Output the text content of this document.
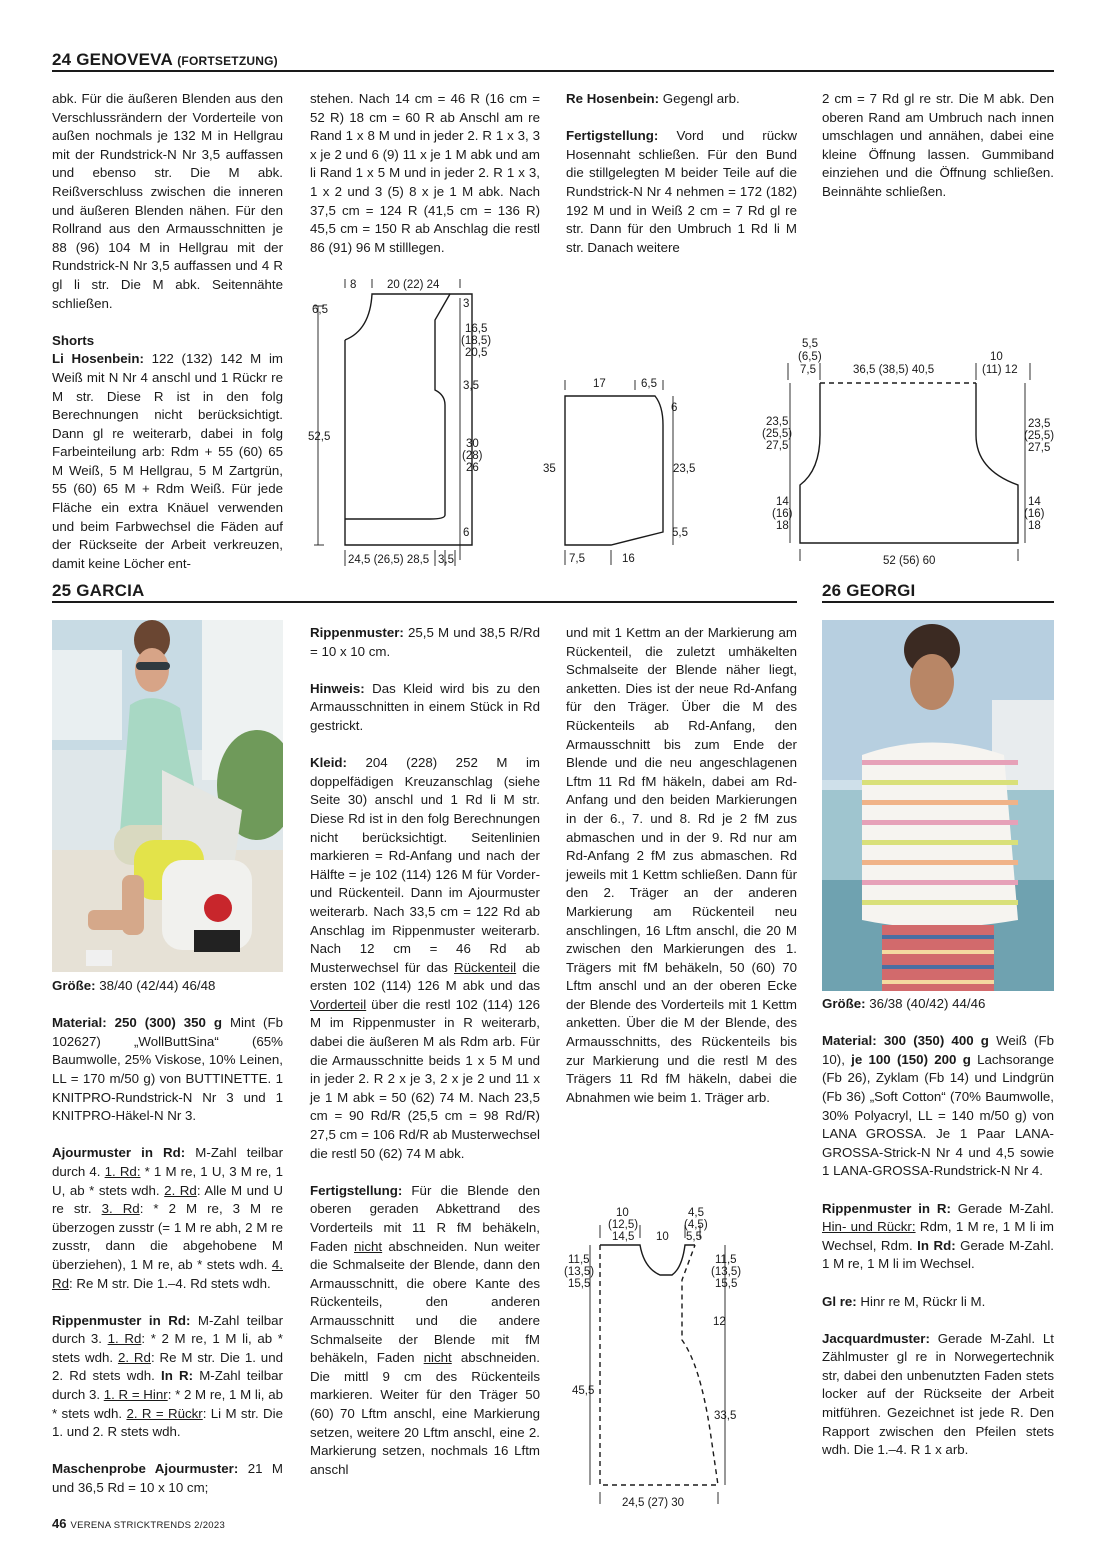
24 GENOVEVA (FORTSETZUNG)

abk. Für die äußeren Blenden aus den Verschlussrändern der Vorderteile von außen nochmals je 132 M in Hellgrau mit der Rundstrick-N Nr 3,5 auffassen und ebenso str. Die M abk. Reißverschluss zwischen die inneren und äußeren Blenden nähen. Für den Rollrand aus den Armausschnitten je 88 (96) 104 M in Hellgrau mit der Rundstrick-N Nr 3,5 auffassen und 4 R gl li str. Die M abk. Seitennähte schließen.

Shorts

Li Hosenbein: 122 (132) 142 M im Weiß mit N Nr 4 anschl und 1 Rückr re M str. Diese R ist in den folg Berechnungen nicht berücksichtigt. Dann gl re weiterarb, dabei in folg Farbeinteilung arb: Rdm + 55 (60) 65 M Weiß, 5 M Hellgrau, 5 M Zartgrün, 55 (60) 65 M + Rdm Weiß. Für jede Fläche ein extra Knäuel verwenden und beim Farbwechsel die Fäden auf der Rückseite der Arbeit verkreuzen, damit keine Löcher ent-

stehen. Nach 14 cm = 46 R (16 cm = 52 R) 18 cm = 60 R ab Anschl am re Rand 1 x 8 M und in jeder 2. R 1 x 3, 3 x je 2 und 6 (9) 11 x je 1 M abk und am li Rand 1 x 5 M und in jeder 2. R 1 x 3, 1 x 2 und 3 (5) 8 x je 1 M abk. Nach 37,5 cm = 124 R (41,5 cm = 136 R) 45,5 cm = 150 R ab Anschlag die restl 86 (91) 96 M stilllegen.

Re Hosenbein: Gegengl arb.

Fertigstellung: Vord und rückw Hosennaht schließen. Für den Bund die stillgelegten M beider Teile auf die Rundstrick-N Nr 4 nehmen = 172 (182) 192 M und in Weiß 2 cm = 7 Rd gl re str. Dann für den Umbruch 1 Rd li M str. Danach weitere

2 cm = 7 Rd gl re str. Die M abk. Den oberen Rand am Umbruch nach innen umschlagen und annähen, dabei eine kleine Öffnung lassen. Gummiband einziehen und die Öffnung schließen. Beinnähte schließen.

8	20 (22) 24
3
6,5
16,5
(18,5)
20,5
3,5
52,5
30
(28)
26
6
24,5 (26,5) 28,5 3,5
17	6,5
6
35	23,5
5,5
7,5	16
5,5
(6,5)
7,5	36,5 (38,5) 40,5
10
(11) 12
23,5
(25,5)
27,5
23,5
(25,5)
27,5
14
(16)
18
14
(16)
18
52 (56) 60
25 GARCIA	26 GEORGI

Größe: 38/40 (42/44) 46/48

Material: 250 (300) 350 g Mint (Fb 102627) „WollButtSina“ (65% Baumwolle, 25% Viskose, 10% Leinen, LL = 170 m/50 g) von BUTTINETTE. 1 KNITPRO-Rundstrick-N Nr 3 und 1 KNITPRO-Häkel-N Nr 3.

Ajourmuster in Rd: M-Zahl teilbar durch 4. 1. Rd: * 1 M re, 1 U, 3 M re, 1 U, ab * stets wdh. 2. Rd: Alle M und U re str. 3. Rd: * 2 M re, 3 M re überzogen zusstr (= 1 M re abh, 2 M re zusstr, dann die abgehobene M überziehen), 1 M re, ab * stets wdh. 4. Rd: Re M str. Die 1.–4. Rd stets wdh.

Rippenmuster in Rd: M-Zahl teilbar durch 3. 1. Rd: * 2 M re, 1 M li, ab * stets wdh. 2. Rd: Re M str. Die 1. und 2. Rd stets wdh. In R: M-Zahl teilbar durch 3. 1. R = Hinr: * 2 M re, 1 M li, ab * stets wdh. 2. R = Rückr: Li M str. Die 1. und 2. R stets wdh.

Maschenprobe Ajourmuster: 21 M und 36,5 Rd = 10 x 10 cm;

Rippenmuster: 25,5 M und 38,5 R/Rd = 10 x 10 cm.

Hinweis: Das Kleid wird bis zu den Armausschnitten in einem Stück in Rd gestrickt.

Kleid: 204 (228) 252 M im doppelfädigen Kreuzanschlag (siehe Seite 30) anschl und 1 Rd li M str. Diese Rd ist in den folg Berechnungen nicht berücksichtigt. Seitenlinien markieren = Rd-Anfang und nach der Hälfte = je 102 (114) 126 M für Vorder- und Rückenteil. Dann im Ajourmuster weiterarb. Nach 33,5 cm = 122 Rd ab Anschlag im Rippenmuster weiterarb. Nach 12 cm = 46 Rd ab Musterwechsel für das Rückenteil die ersten 102 (114) 126 M abk und das Vorderteil über die restl 102 (114) 126 M im Rippenmuster in R weiterarb, dabei die äußeren M als Rdm arb. Für die Armausschnitte beids 1 x 5 M und in jeder 2. R 2 x je 3, 2 x je 2 und 11 x je 1 M abk = 50 (62) 74 M. Nach 23,5 cm = 90 Rd/R (25,5 cm = 98 Rd/R) 27,5 cm = 106 Rd/R ab Musterwechsel die restl 50 (62) 74 M abk.

Fertigstellung: Für die Blende den oberen geraden Abkettrand des Vorderteils mit 11 R fM behäkeln, Faden nicht abschneiden. Nun weiter die Schmalseite der Blende, dann den Armausschnitt, die obere Kante des Rückenteils, den anderen Armausschnitt und die andere Schmalseite der Blende mit fM behäkeln, Faden nicht abschneiden. Die mittl 9 cm des Rückenteils markieren. Weiter für den Träger 50 (60) 70 Lftm anschl, eine Markierung setzen, weitere 20 Lftm anschl, eine 2. Markierung setzen, nochmals 16 Lftm anschl

und mit 1 Kettm an der Markierung am Rückenteil, die zuletzt umhäkelten Schmalseite der Blende näher liegt, anketten. Dies ist der neue Rd-Anfang für den Träger. Über die M des Rückenteils ab Rd-Anfang, den Armausschnitt bis zum Ende der Blende und die neu angeschlagenen Lftm 11 Rd fM häkeln, dabei am Rd-Anfang und den beiden Markierungen in der 6., 7. und 8. Rd je 2 fM zus abmaschen und in der 9. Rd nur am Rd-Anfang 2 fM zus abmaschen. Rd jeweils mit 1 Kettm schließen. Dann für den 2. Träger an der anderen Markierung am Rückenteil neu anschlingen, 16 Lftm anschl, die 20 M zwischen den Markierungen des 1. Trägers mit fM behäkeln, 50 (60) 70 Lftm anschl und an der oberen Ecke der Blende des Vorderteils mit 1 Kettm anketten. Über die M der Blende, des Armausschnitts, des Rückenteils bis zur Markierung und die restl M des Trägers 11 Rd fM häkeln, dabei die Abnahmen wie beim 1. Träger arb.

10
(12,5)
14,5 10
4,5
(4,5)
5,5
11,5
(13,5)
15,5
11,5
(13,5)
15,5
12
45,5
33,5
24,5 (27) 30

Größe: 36/38 (40/42) 44/46

Material: 300 (350) 400 g Weiß (Fb 10), je 100 (150) 200 g Lachsorange (Fb 26), Zyklam (Fb 14) und Lindgrün (Fb 36) „Soft Cotton“ (70% Baumwolle, 30% Polyacryl, LL = 140 m/50 g) von LANA GROSSA. Je 1 Paar LANA-GROSSA-Strick-N Nr 4 und 4,5 sowie 1 LANA-GROSSA-Rundstrick-N Nr 4.

Rippenmuster in R: Gerade M-Zahl. Hin- und Rückr: Rdm, 1 M re, 1 M li im Wechsel, Rdm. In Rd: Gerade M-Zahl. 1 M re, 1 M li im Wechsel.

Gl re: Hinr re M, Rückr li M.

Jacquardmuster: Gerade M-Zahl. Lt Zählmuster gl re in Norwegertechnik str, dabei den unbenutzten Faden stets locker auf der Rückseite der Arbeit mitführen. Gezeichnet ist jede R. Den Rapport zwischen den Pfeilen stets wdh. Die 1.–4. R 1 x arb.

46 VERENA STRICKTRENDS 2/2023
